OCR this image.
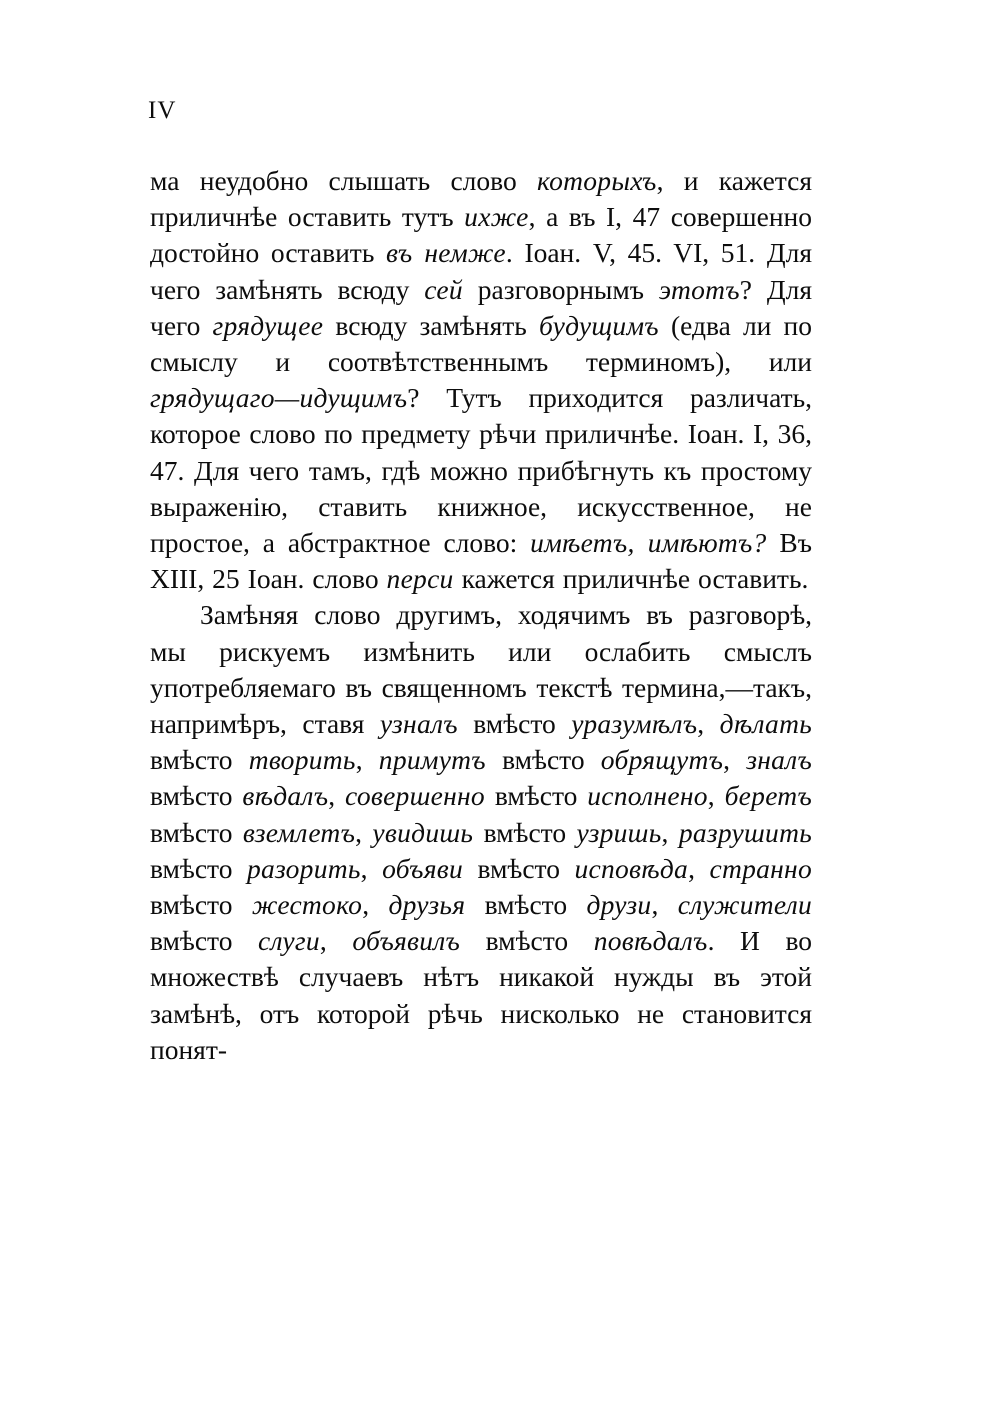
IV

ма неудобно слышать слово которыхъ, и кажется приличнѣе оставить тутъ ихже, а въ I, 47 совершенно достойно оставить въ немже. Іоан. V, 45. VI, 51. Для чего замѣнять всюду сей разговорнымъ этотъ? Для чего грядущее всюду замѣнять будущимъ (едва ли по смыслу и соотвѣтственнымъ терминомъ), или грядущаго—идущимъ? Тутъ приходится различать, которое слово по предмету рѣчи приличнѣе. Іоан. I, 36, 47. Для чего тамъ, гдѣ можно прибѣгнуть къ простому выраженію, ставить книжное, искусственное, не простое, а абстрактное слово: имѣетъ, имѣютъ? Въ XIII, 25 Іоан. слово перси кажется приличнѣе оставить.

Замѣняя слово другимъ, ходячимъ въ разговорѣ, мы рискуемъ измѣнить или ослабить смыслъ употребляемаго въ священномъ текстѣ термина,—такъ, напримѣръ, ставя узналъ вмѣсто уразумѣлъ, дѣлать вмѣсто творить, примутъ вмѣсто обрящутъ, зналъ вмѣсто вѣдалъ, совершенно вмѣсто исполнено, беретъ вмѣсто вземлетъ, увидишь вмѣсто узришь, разрушить вмѣсто разорить, объяви вмѣсто исповѣда, странно вмѣсто жестоко, друзья вмѣсто друзи, служители вмѣсто слуги, объявилъ вмѣсто повѣдалъ. И во множествѣ случаевъ нѣтъ никакой нужды въ этой замѣнѣ, отъ которой рѣчь нисколько не становится понят-
